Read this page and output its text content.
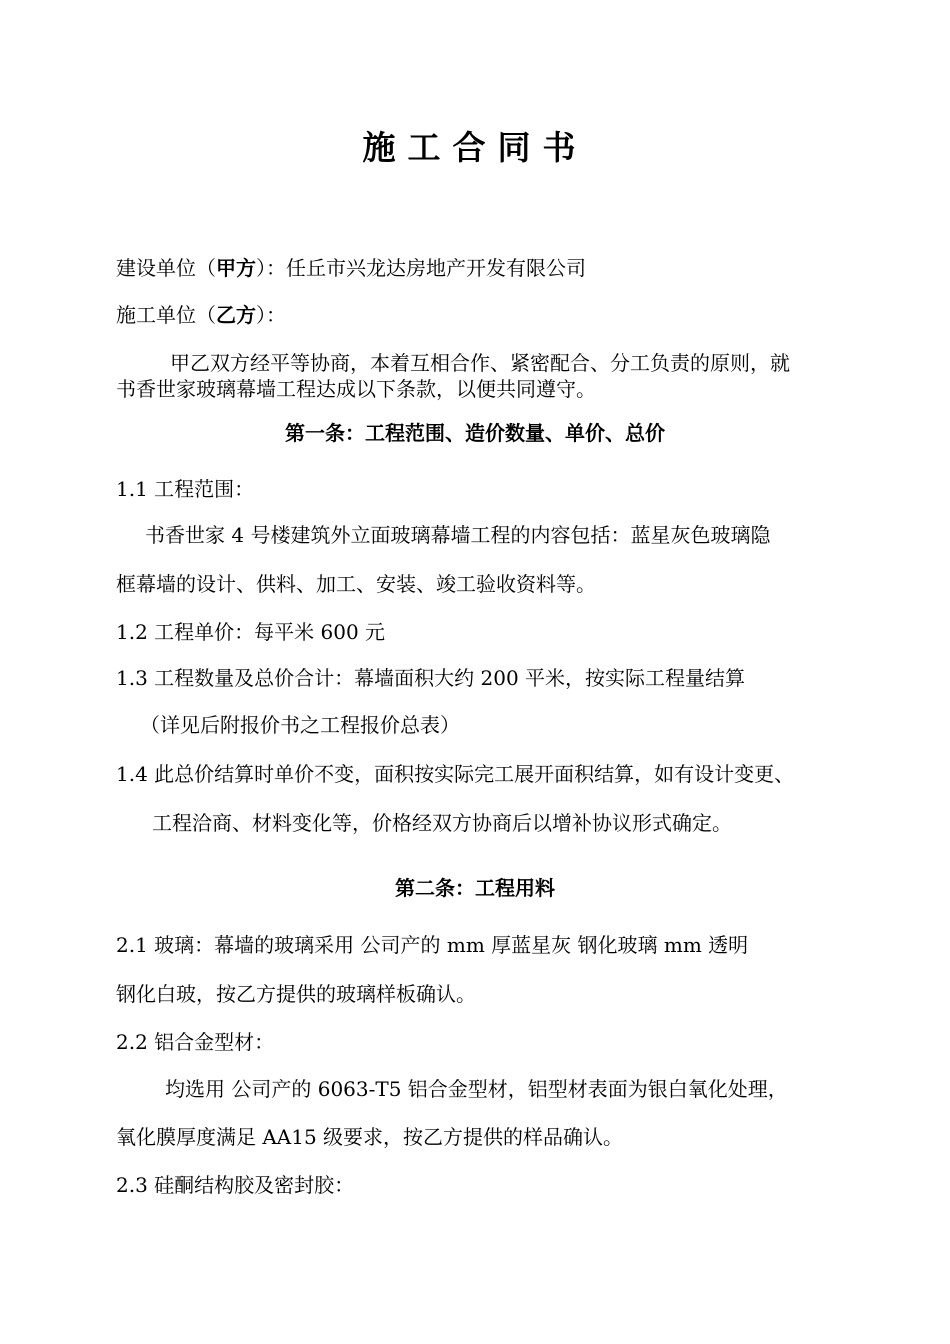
施工合同书
建设单位（甲方）：任丘市兴龙达房地产开发有限公司
施工单位（乙方）：
甲乙双方经平等协商，本着互相合作、紧密配合、分工负责的原则，就
书香世家玻璃幕墙工程达成以下条款，以便共同遵守。
第一条：工程范围、造价数量、单价、总价
1.1 工程范围：
书香世家 4 号楼建筑外立面玻璃幕墙工程的内容包括：蓝星灰色玻璃隐
框幕墙的设计、供料、加工、安装、竣工验收资料等。
1.2 工程单价：每平米 600 元
1.3 工程数量及总价合计：幕墙面积大约 200 平米，按实际工程量结算
（详见后附报价书之工程报价总表）
1.4 此总价结算时单价不变，面积按实际完工展开面积结算，如有设计变更、
工程洽商、材料变化等，价格经双方协商后以增补协议形式确定。
第二条：工程用料
2.1 玻璃：幕墙的玻璃采用 公司产的 mm 厚蓝星灰 钢化玻璃 mm 透明
钢化白玻，按乙方提供的玻璃样板确认。
2.2 铝合金型材：
均选用 公司产的 6063-T5 铝合金型材，铝型材表面为银白氧化处理，
氧化膜厚度满足 AA15 级要求，按乙方提供的样品确认。
2.3 硅酮结构胶及密封胶：
